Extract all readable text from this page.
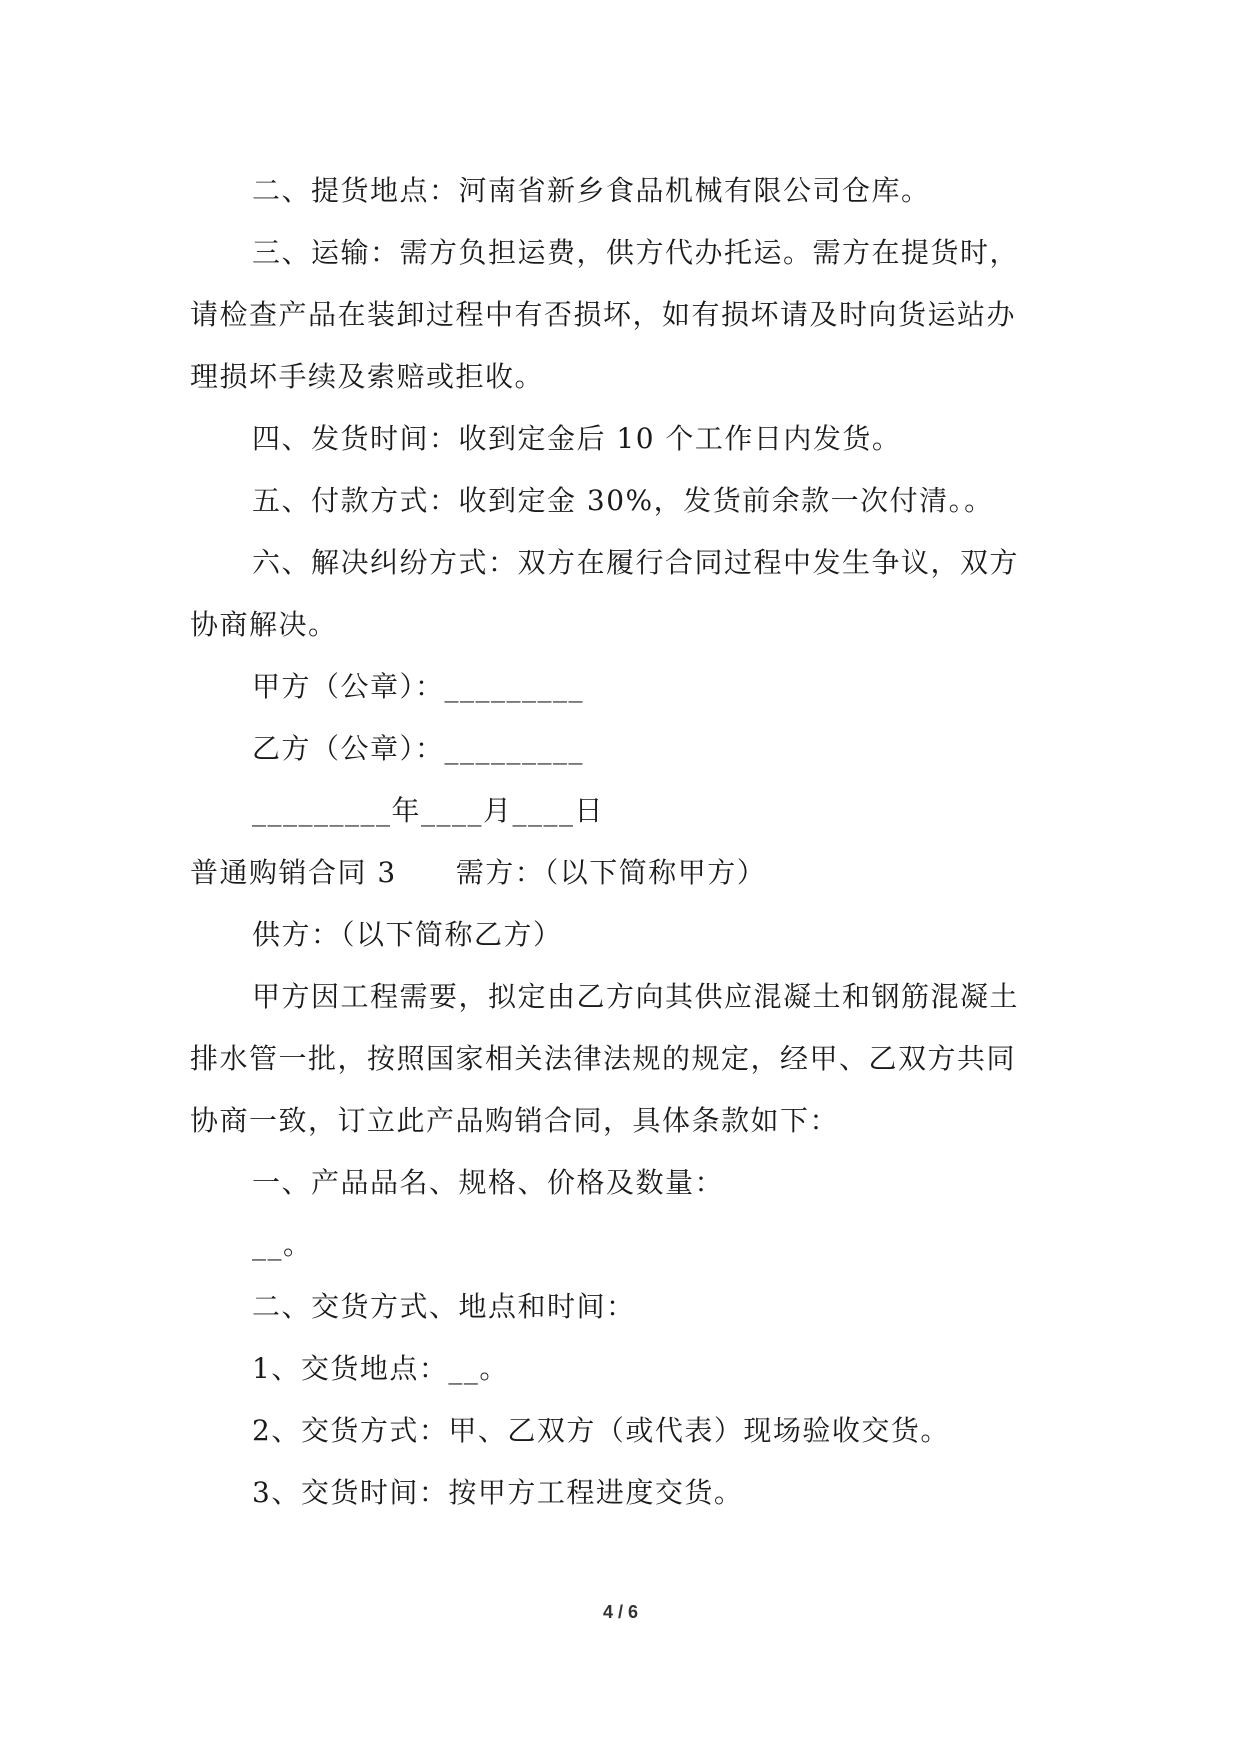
二、提货地点：河南省新乡食品机械有限公司仓库。
三、运输：需方负担运费，供方代办托运。需方在提货时，
请检查产品在装卸过程中有否损坏，如有损坏请及时向货运站办
理损坏手续及索赔或拒收。
四、发货时间：收到定金后 10 个工作日内发货。
五、付款方式：收到定金 30%，发货前余款一次付清。。
六、解决纠纷方式：双方在履行合同过程中发生争议，双方
协商解决。
甲方（公章）：_________
乙方（公章）：_________
_________年____月____日
普通购销合同 3　　需方：（以下简称甲方）
供方：（以下简称乙方）
甲方因工程需要，拟定由乙方向其供应混凝土和钢筋混凝土
排水管一批，按照国家相关法律法规的规定，经甲、乙双方共同
协商一致，订立此产品购销合同，具体条款如下：
一、产品品名、规格、价格及数量：
__。
二、交货方式、地点和时间：
1、交货地点：__。
2、交货方式：甲、乙双方（或代表）现场验收交货。
3、交货时间：按甲方工程进度交货。
4 / 6
